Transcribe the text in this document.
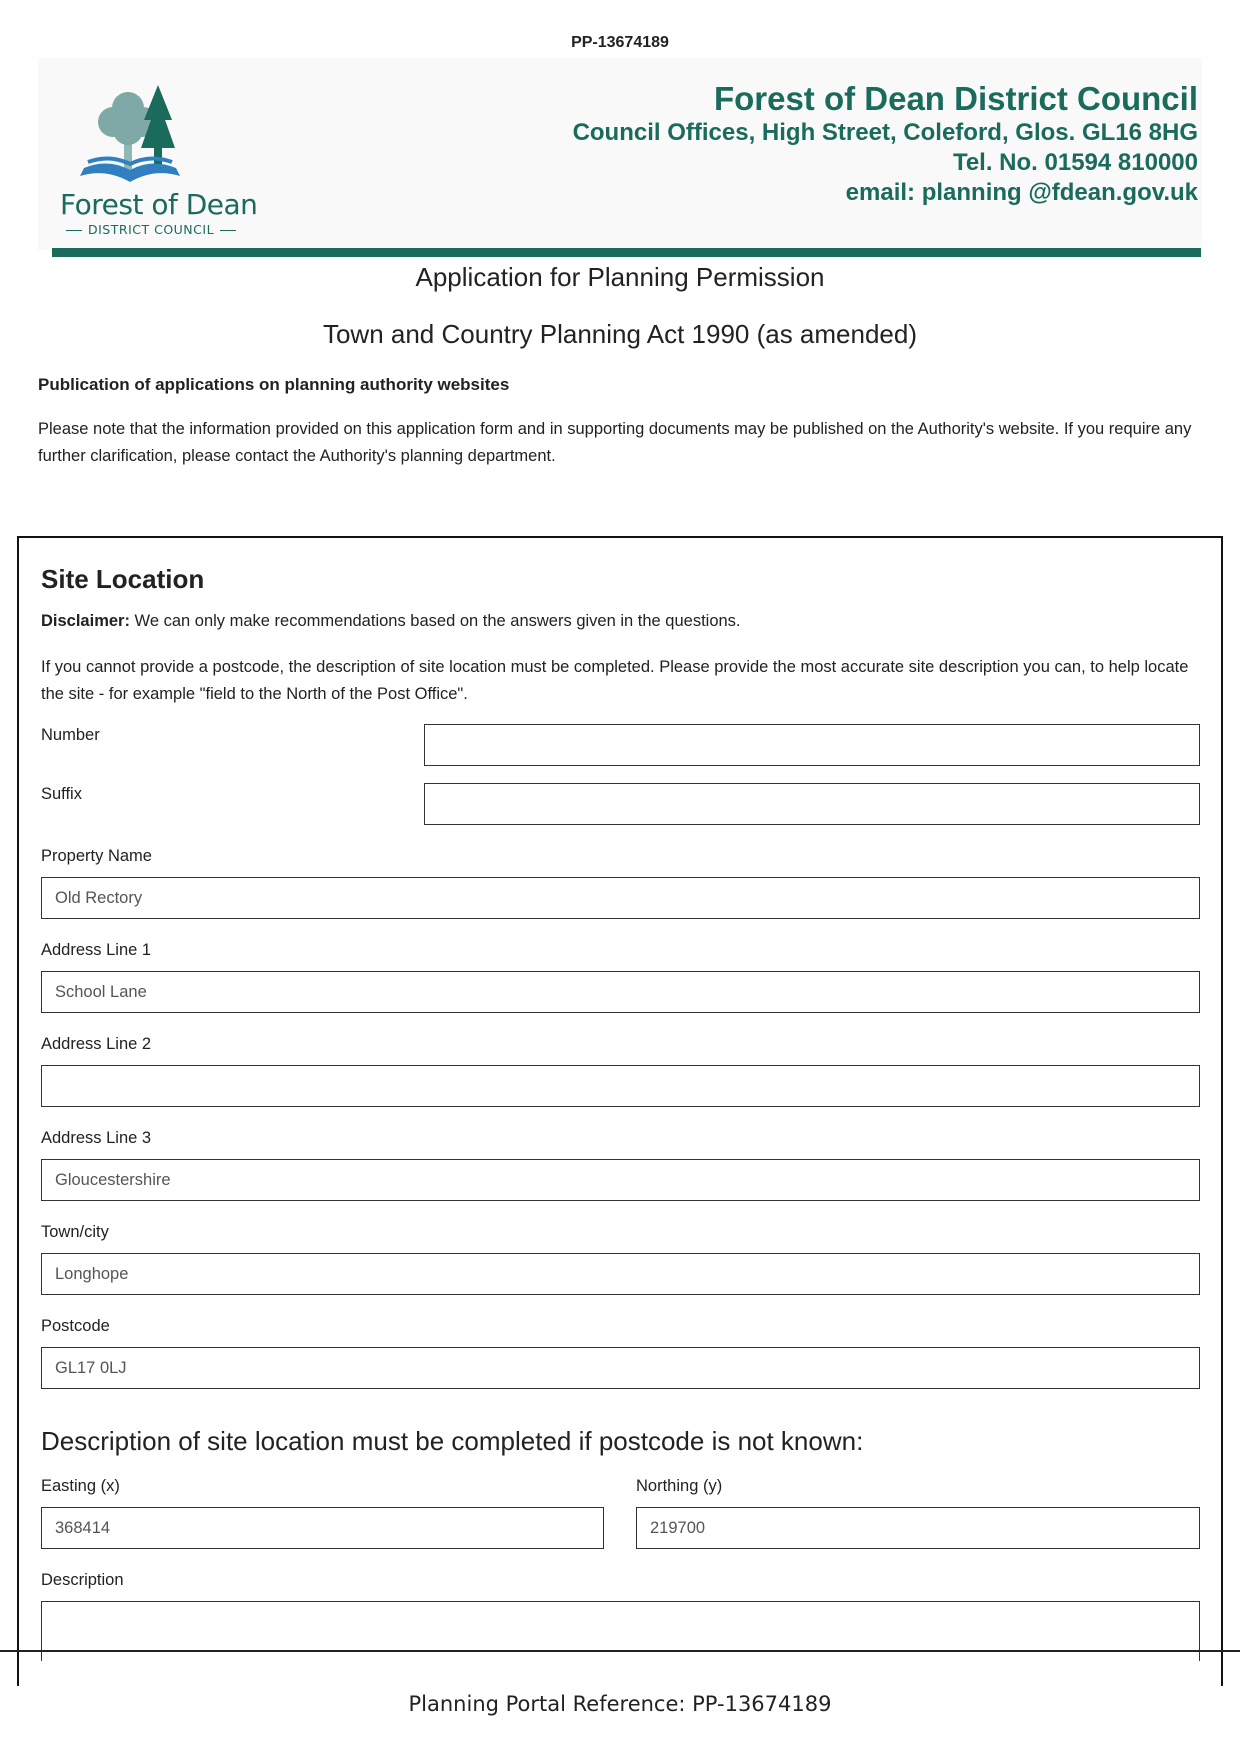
PP-13674189
Forest of Dean
DISTRICT COUNCIL
Forest of Dean District Council
Council Offices, High Street, Coleford, Glos. GL16 8HG
Tel. No. 01594 810000
email: planning @fdean.gov.uk
Application for Planning Permission
Town and Country Planning Act 1990 (as amended)
Publication of applications on planning authority websites
Please note that the information provided on this application form and in supporting documents may be published on the Authority's website. If you require any further clarification, please contact the Authority's planning department.
Site Location
Disclaimer: We can only make recommendations based on the answers given in the questions.
If you cannot provide a postcode, the description of site location must be completed. Please provide the most accurate site description you can, to help locate the site - for example "field to the North of the Post Office".
Number
Suffix
Property Name
Old Rectory
Address Line 1
School Lane
Address Line 2
Address Line 3
Gloucestershire
Town/city
Longhope
Postcode
GL17 0LJ
Description of site location must be completed if postcode is not known:
Easting (x)
368414
Northing (y)
219700
Description
Planning Portal Reference: PP-13674189
